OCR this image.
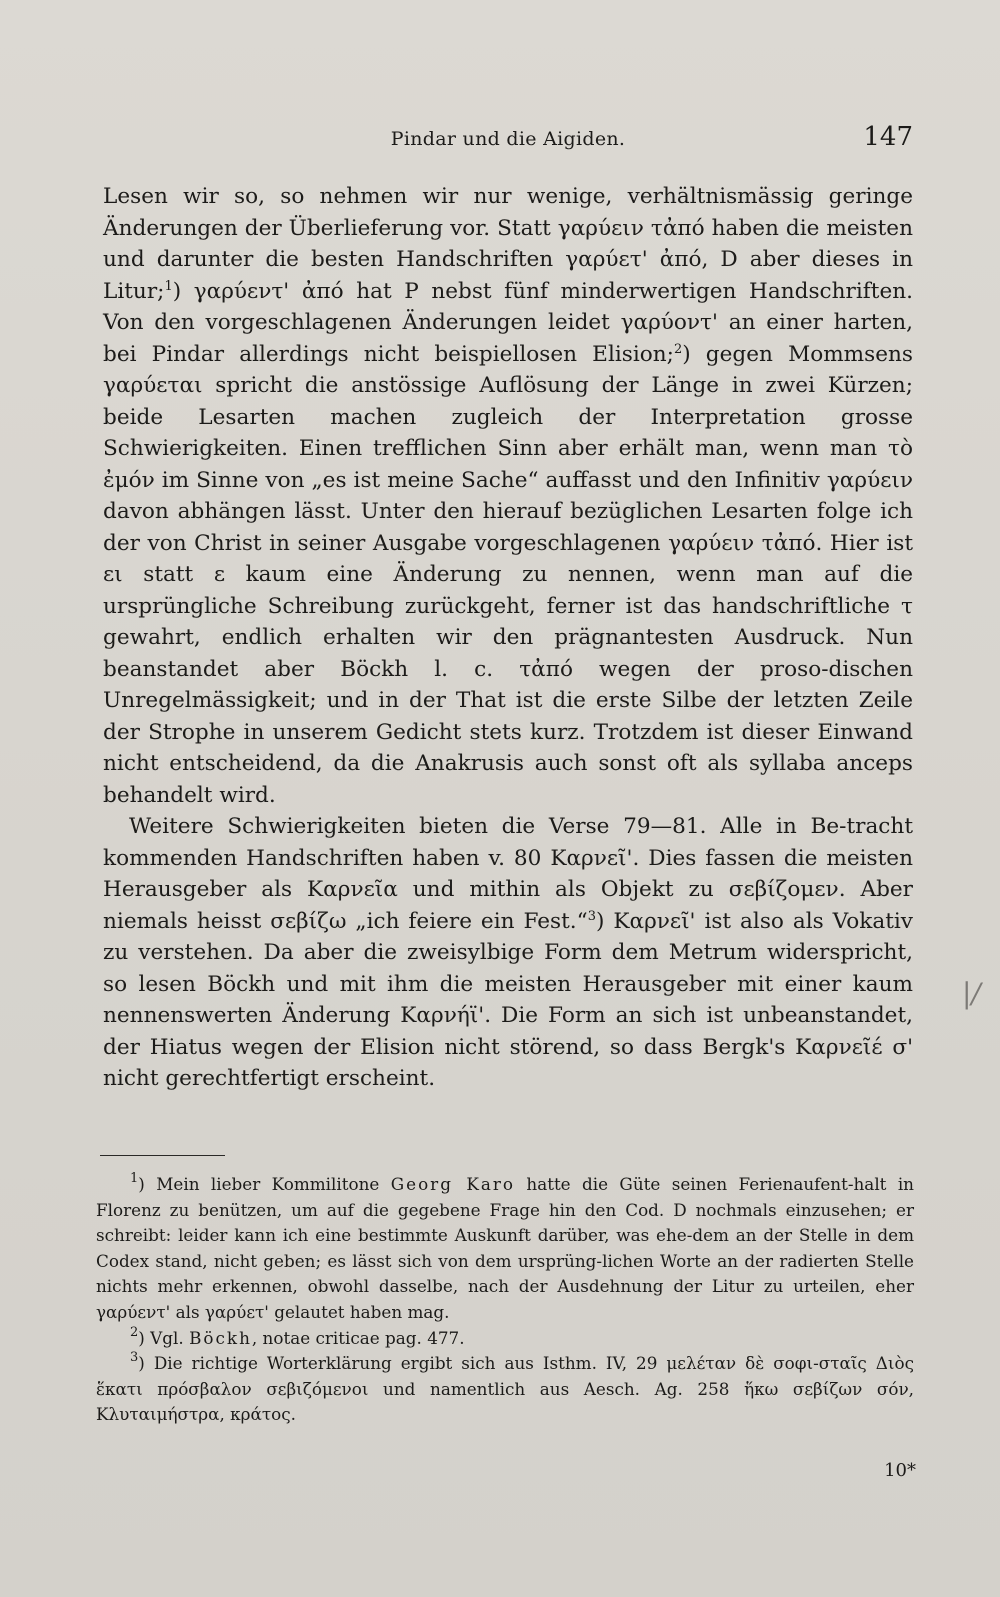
Pindar und die Aigiden.	147

Lesen wir so, so nehmen wir nur wenige, verhältnismässig geringe Änderungen der Überlieferung vor. Statt γαρύειν τἀπό haben die meisten und darunter die besten Handschriften γαρύετ' ἀπό, D aber dieses in Litur;$^1$) γαρύεντ' ἀπό hat P nebst fünf minderwertigen Handschriften. Von den vorgeschlagenen Änderungen leidet γαρύοντ' an einer harten, bei Pindar allerdings nicht beispiellosen Elision;$^2$) gegen Mommsens γαρύεται spricht die anstössige Auflösung der Länge in zwei Kürzen; beide Lesarten machen zugleich der Interpretation grosse Schwierigkeiten. Einen trefflichen Sinn aber erhält man, wenn man τὸ ἐμόν im Sinne von „es ist meine Sache“ auffasst und den Infinitiv γαρύειν davon abhängen lässt. Unter den hierauf bezüglichen Lesarten folge ich der von Christ in seiner Ausgabe vorgeschlagenen γαρύειν τἀπό. Hier ist ει statt ε kaum eine Änderung zu nennen, wenn man auf die ursprüngliche Schreibung zurückgeht, ferner ist das handschriftliche τ gewahrt, endlich erhalten wir den prägnantesten Ausdruck. Nun beanstandet aber Böckh l. c. τἀπό wegen der proso-dischen Unregelmässigkeit; und in der That ist die erste Silbe der letzten Zeile der Strophe in unserem Gedicht stets kurz. Trotzdem ist dieser Einwand nicht entscheidend, da die Anakrusis auch sonst oft als syllaba anceps behandelt wird.

Weitere Schwierigkeiten bieten die Verse 79—81. Alle in Be-tracht kommenden Handschriften haben v. 80 Καρνεῖ'. Dies fassen die meisten Herausgeber als Καρνεῖα und mithin als Objekt zu σεβίζομεν. Aber niemals heisst σεβίζω „ich feiere ein Fest.“$^3$) Καρνεῖ' ist also als Vokativ zu verstehen. Da aber die zweisylbige Form dem Metrum widerspricht, so lesen Böckh und mit ihm die meisten Herausgeber mit einer kaum nennenswerten Änderung Καρνήϊ'. Die Form an sich ist unbeanstandet, der Hiatus wegen der Elision nicht störend, so dass Bergk's Καρνεῖέ σ' nicht gerechtfertigt erscheint.

$^1$) Mein lieber Kommilitone Georg Karo hatte die Güte seinen Ferienaufent-halt in Florenz zu benützen, um auf die gegebene Frage hin den Cod. D nochmals einzusehen; er schreibt: leider kann ich eine bestimmte Auskunft darüber, was ehe-dem an der Stelle in dem Codex stand, nicht geben; es lässt sich von dem ursprüng-lichen Worte an der radierten Stelle nichts mehr erkennen, obwohl dasselbe, nach der Ausdehnung der Litur zu urteilen, eher γαρύεντ' als γαρύετ' gelautet haben mag.

$^2$) Vgl. Böckh, notae criticae pag. 477.

$^3$) Die richtige Worterklärung ergibt sich aus Isthm. IV, 29 μελέταν δὲ σοφι-σταῖς Διὸς ἕκατι πρόσβαλον σεβιζόμενοι und namentlich aus Aesch. Ag. 258 ἥκω σεβίζων σόν, Κλυταιμήστρα, κράτος.

10*
|/
